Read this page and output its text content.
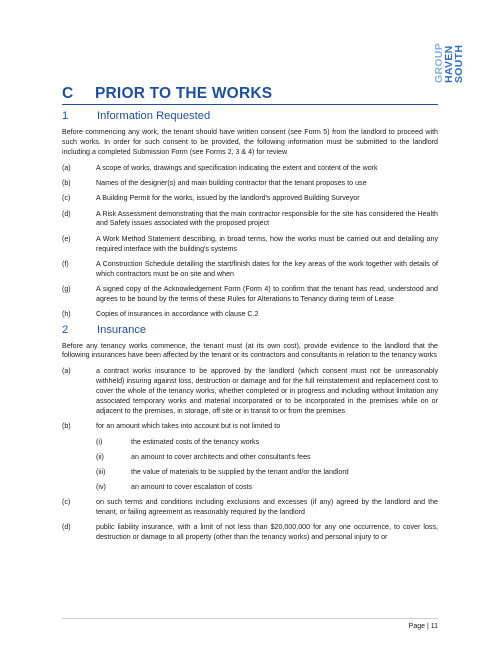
SOUTH
HAVEN
GROUP
C PRIOR TO THE WORKS
1	Information Requested

Before commencing any work, the tenant should have written consent (see Form 5) from the landlord to proceed with such works. In order for such consent to be provided, the following information must be submitted to the landlord including a completed Submission Form (see Forms 2, 3 & 4) for review

(a)	A scope of works, drawings and specification indicating the extent and content of the work
(b)	Names of the designer(s) and main building contractor that the tenant proposes to use
(c)	A Building Permit for the works, issued by the landlord's approved Building Surveyor
(d)	A Risk Assessment demonstrating that the main contractor responsible for the site has considered the Health and Safety issues associated with the proposed project
(e)	A Work Method Statement describing, in broad terms, how the works must be carried out and detailing any required interface with the building's systems
(f)	A Construction Schedule detailing the start/finish dates for the key areas of the work together with details of which contractors must be on site and when
(g)	A signed copy of the Acknowledgement Form (Form 4) to confirm that the tenant has read, understood and agrees to be bound by the terms of these Rules for Alterations to Tenancy during term of Lease
(h)	Copies of insurances in accordance with clause C.2
2	Insurance

Before any tenancy works commence, the tenant must (at its own cost), provide evidence to the landlord that the following insurances have been affected by the tenant or its contractors and consultants in relation to the tenancy works

(a)	a contract works insurance to be approved by the landlord (which consent must not be unreasonably withheld) insuring against loss, destruction or damage and for the full reinstatement and replacement cost to cover the whole of the tenancy works, whether completed or in progress and including without limitation any associated temporary works and material incorporated or to be incorporated in the premises while on or adjacent to the premises, in storage, off site or in transit to or from the premises
(b)	for an amount which takes into account but is not limited to
(i)	the estimated costs of the tenancy works
(ii)	an amount to cover architects and other consultant's fees
(iii)	the value of materials to be supplied by the tenant and/or the landlord
(iv)	an amount to cover escalation of costs
(c)	on such terms and conditions including exclusions and excesses (if any) agreed by the landlord and the tenant, or failing agreement as reasonably required by the landlord
(d)	public liability insurance, with a limit of not less than $20,000,000 for any one occurrence, to cover loss, destruction or damage to all property (other than the tenancy works) and personal injury to or
Page | 11
